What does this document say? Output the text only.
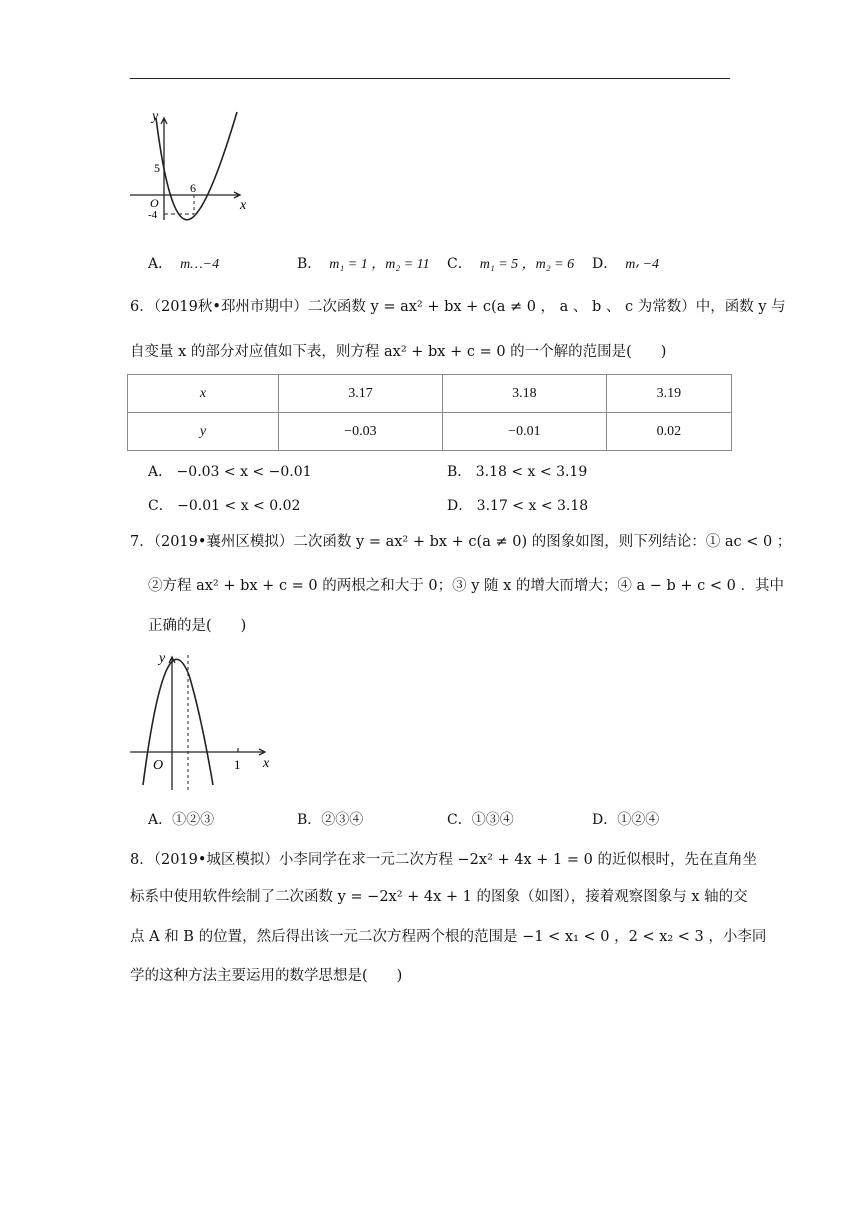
y
x
O
5
6
-4
A． m…−4	B． m₁ = 1 ，m₂ = 11 C． m₁ = 5 ，m₂ = 6 D． m⸴ −4
6．（2019秋•邳州市期中）二次函数 y = ax² + bx + c(a ≠ 0 ， a 、 b 、 c 为常数）中，函数 y 与
自变量 x 的部分对应值如下表，则方程 ax² + bx + c = 0 的一个解的范围是(　　)
x	3.17	3.18	3.19
y	−0.03	−0.01	0.02
A． −0.03 < x < −0.01	B． 3.18 < x < 3.19
C． −0.01 < x < 0.02	D． 3.17 < x < 3.18
7．（2019•襄州区模拟）二次函数 y = ax² + bx + c(a ≠ 0) 的图象如图，则下列结论：① ac < 0 ；
②方程 ax² + bx + c = 0 的两根之和大于 0；③ y 随 x 的增大而增大；④ a − b + c < 0 ．其中
正确的是(　　)
y
x
O	1
A．①②③	B．②③④	C．①③④	D．①②④
8．（2019•城区模拟）小李同学在求一元二次方程 −2x² + 4x + 1 = 0 的近似根时，先在直角坐
标系中使用软件绘制了二次函数 y = −2x² + 4x + 1 的图象（如图），接着观察图象与 x 轴的交
点 A 和 B 的位置，然后得出该一元二次方程两个根的范围是 −1 < x₁ < 0 ，2 < x₂ < 3 ，小李同
学的这种方法主要运用的数学思想是(　　)
